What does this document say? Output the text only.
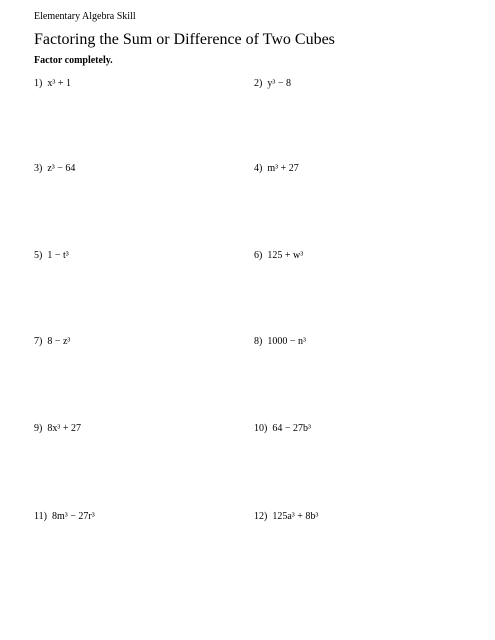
Elementary Algebra Skill
Factoring the Sum or Difference of Two Cubes
Factor completely.
1) x³ + 1	2) y³ − 8
3) z³ − 64	4) m³ + 27
5) 1 − t³	6) 125 + w³
7) 8 − z³	8) 1000 − n³
9) 8x³ + 27	10) 64 − 27b³
11) 8m³ − 27r³	12) 125a³ + 8b³
